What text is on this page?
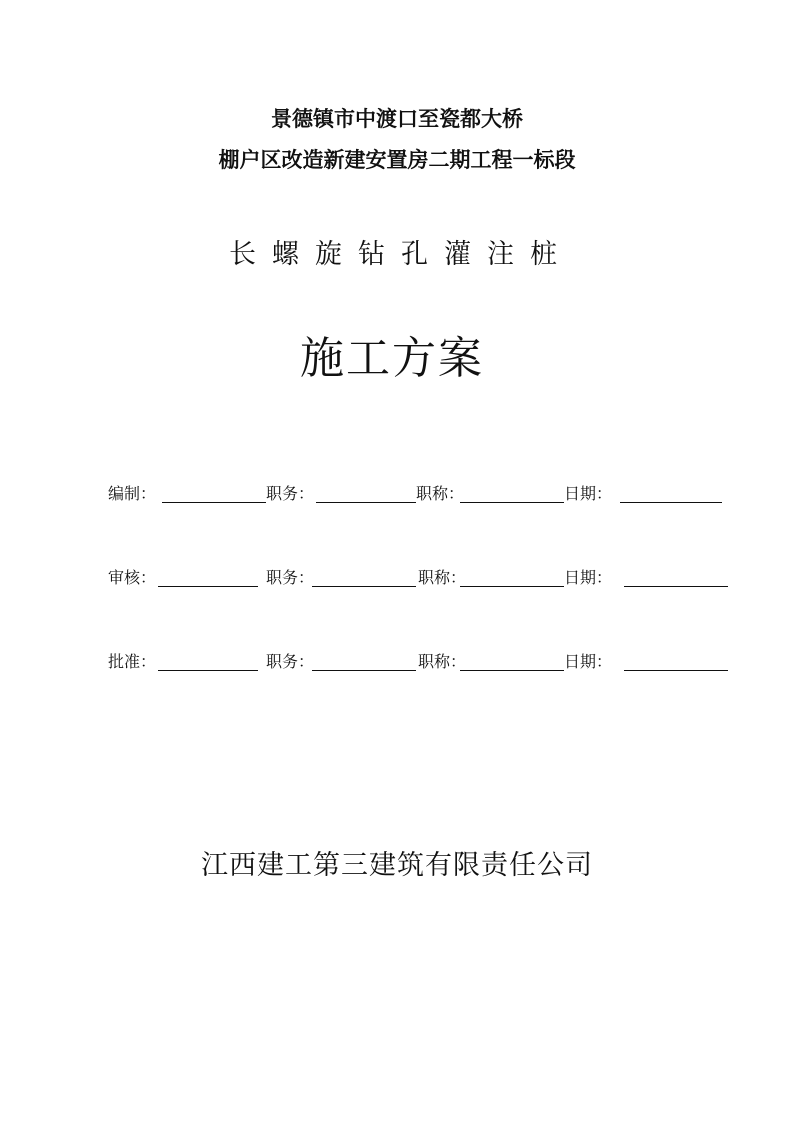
景德镇市中渡口至瓷都大桥
棚户区改造新建安置房二期工程一标段
长螺旋钻孔灌注桩
施工方案
编制：	职务：	职称：	日期：
审核：	职务：	职称：	日期：
批准：	职务：	职称：	日期：
江西建工第三建筑有限责任公司
